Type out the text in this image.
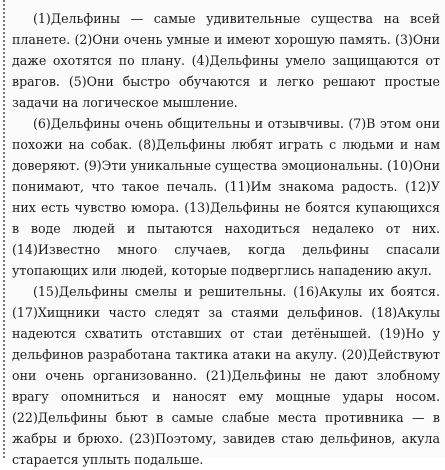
(1)Дельфины — самые удивительные существа на всей планете. (2)Они очень умные и имеют хорошую память. (3)Они даже охотятся по плану. (4)Дельфины умело защищаются от врагов. (5)Они быстро обучаются и легко решают простые задачи на логическое мышление.

(6)Дельфины очень общительны и отзывчивы. (7)В этом они похожи на собак. (8)Дельфины любят играть с людьми и нам доверяют. (9)Эти уникальные существа эмоциональны. (10)Они понимают, что такое печаль. (11)Им знакома радость. (12)У них есть чувство юмора. (13)Дельфины не боятся купающихся в воде людей и пытаются находиться недалеко от них. (14)Известно много случаев, когда дельфины спасали утопающих или людей, которые подверглись нападению акул.

(15)Дельфины смелы и решительны. (16)Акулы их боятся. (17)Хищники часто следят за стаями дельфинов. (18)Акулы надеются схватить отставших от стаи детёнышей. (19)Но у дельфинов разработана тактика атаки на акулу. (20)Действуют они очень организованно. (21)Дельфины не дают злобному врагу опомниться и наносят ему мощные удары носом. (22)Дельфины бьют в самые слабые места противника — в жабры и брюхо. (23)Поэтому, завидев стаю дельфинов, акула старается уплыть подальше.
